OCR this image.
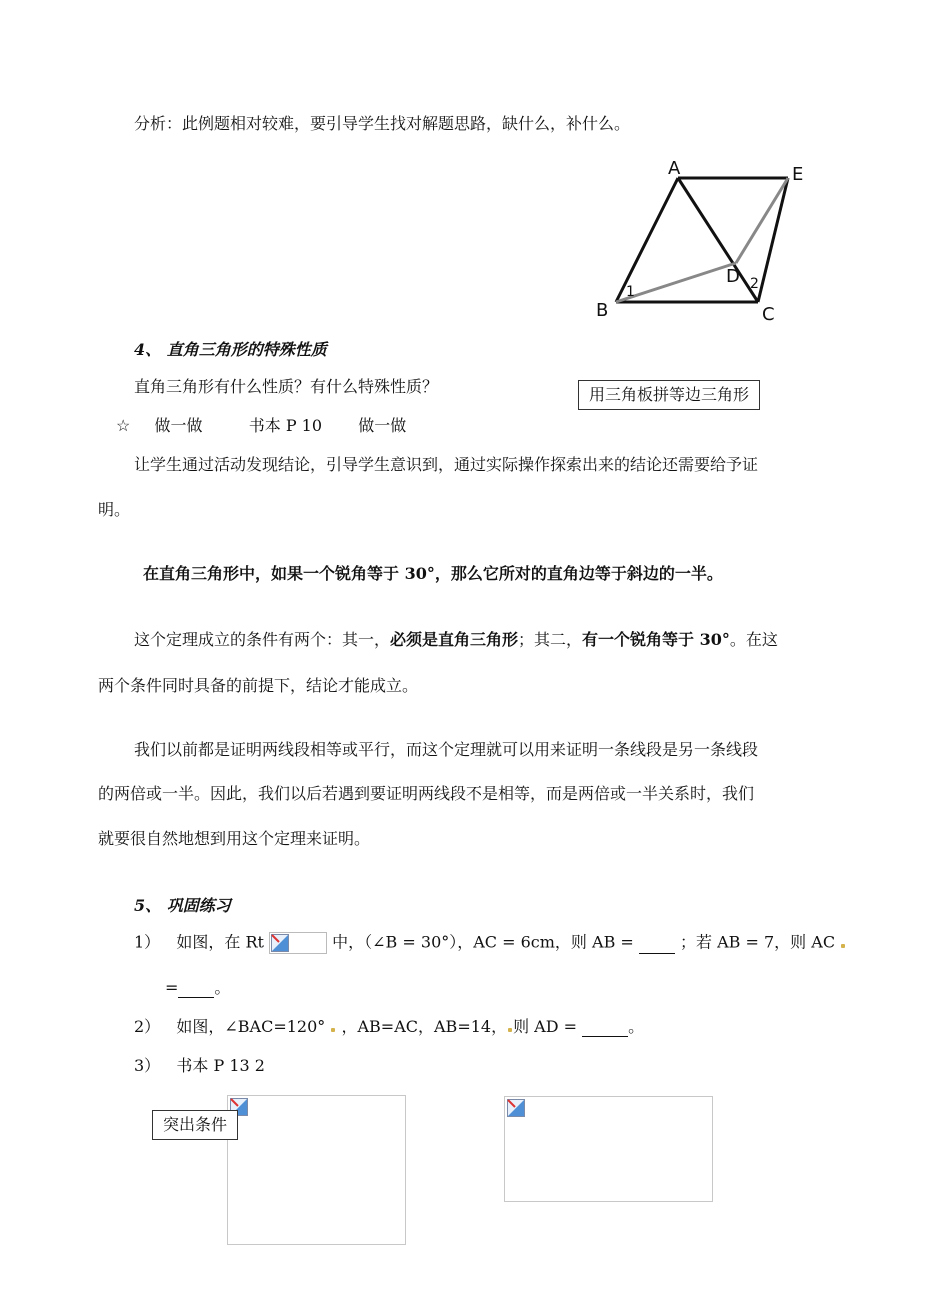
分析：此例题相对较难，要引导学生找对解题思路，缺什么，补什么。
A	E
B	C
D
1	2
4、 直角三角形的特殊性质
直角三角形有什么性质？有什么特殊性质？	用三角板拼等边三角形
☆ 做一做	书本 P 10 做一做
让学生通过活动发现结论，引导学生意识到，通过实际操作探索出来的结论还需要给予证
明。
在直角三角形中，如果一个锐角等于 30°，那么它所对的直角边等于斜边的一半。
这个定理成立的条件有两个：其一，必须是直角三角形；其二，有一个锐角等于 30°。在这
两个条件同时具备的前提下，结论才能成立。
我们以前都是证明两线段相等或平行，而这个定理就可以用来证明一条线段是另一条线段
的两倍或一半。因此，我们以后若遇到要证明两线段不是相等，而是两倍或一半关系时，我们
就要很自然地想到用这个定理来证明。
5、 巩固练习
1） 如图，在 Rt	中，（∠B = 30°），AC = 6cm，则 AB =	；若 AB = 7，则 AC
= 。
2） 如图，∠BAC=120° ，AB=AC，AB=14， 则 AD =	。
3） 书本 P 13 2
突出条件
